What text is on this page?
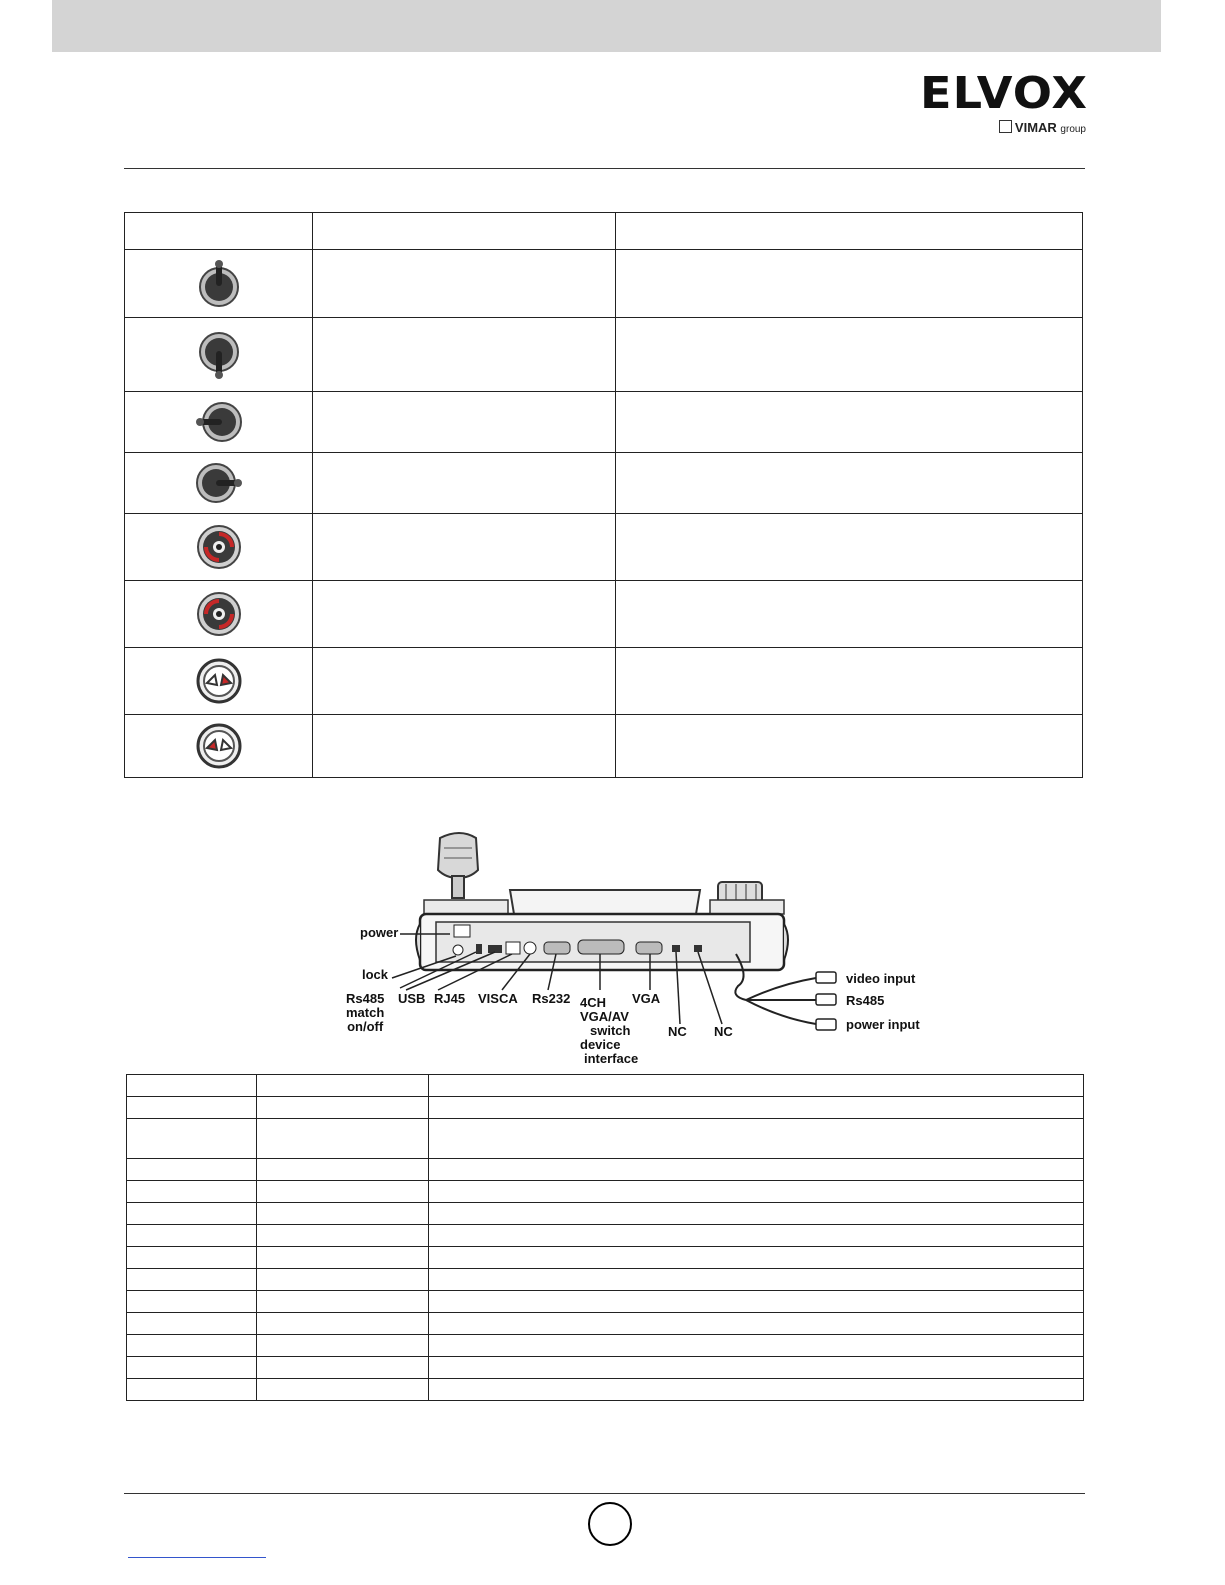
ELVOX
VIMAR group

power
lock
Rs485
match
on/off
USB RJ45 VISCA Rs232 4CH
VGA/AV
switch
device
interface
VGA
NC NC
video input
Rs485
power input
